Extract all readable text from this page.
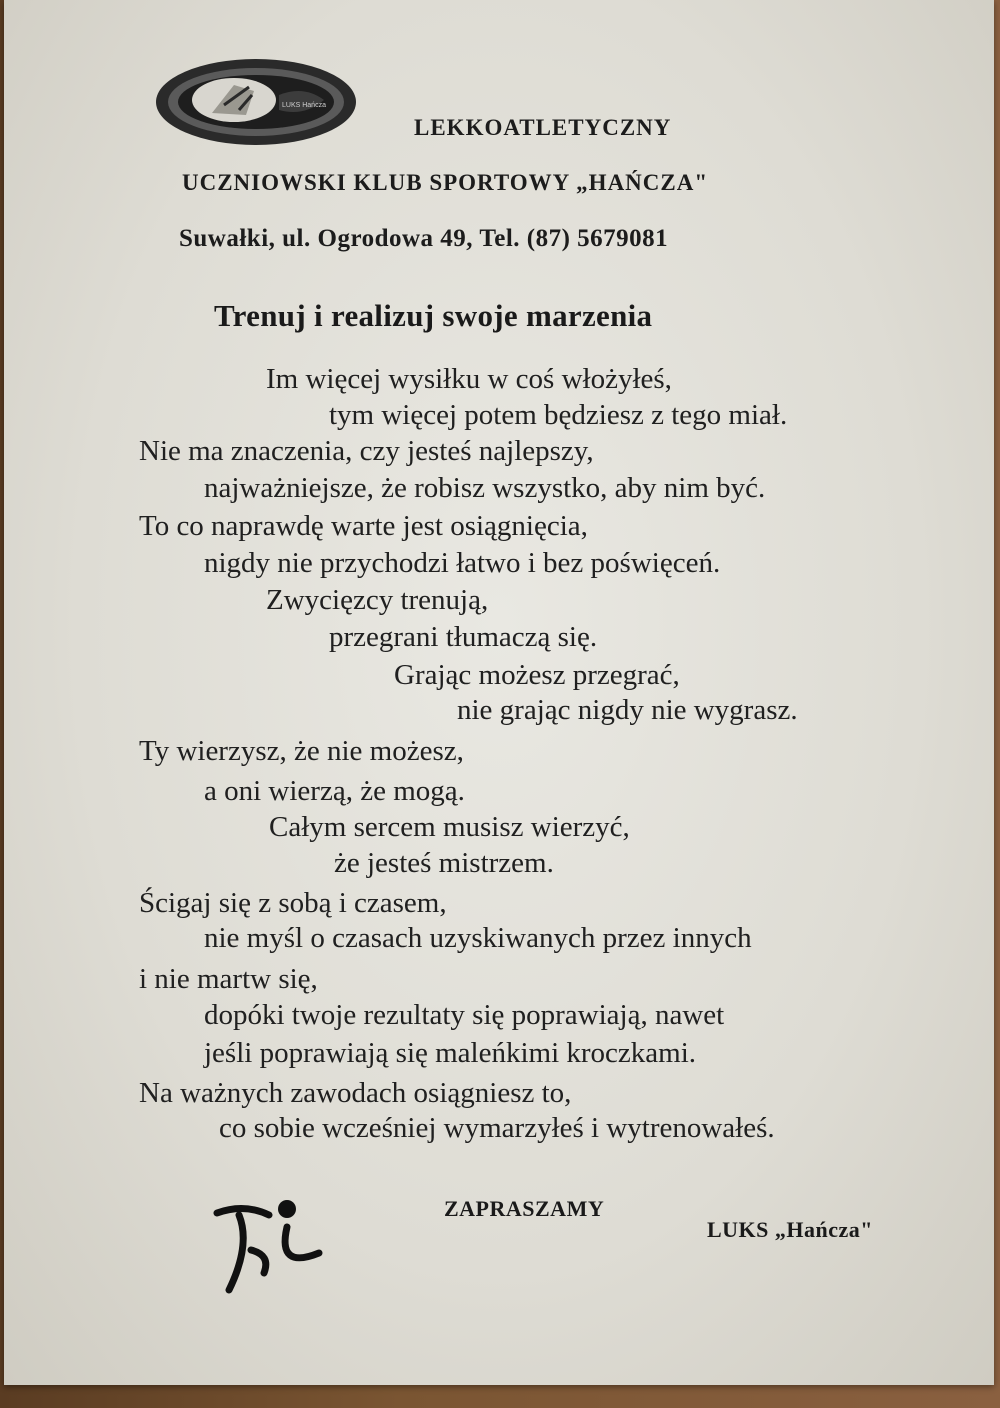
LUKS Hańcza
LEKKOATLETYCZNY
UCZNIOWSKI KLUB SPORTOWY „HAŃCZA"
Suwałki, ul. Ogrodowa 49, Tel. (87) 5679081
Trenuj i realizuj swoje marzenia
Im więcej wysiłku w coś włożyłeś,
tym więcej potem będziesz z tego miał.
Nie ma znaczenia, czy jesteś najlepszy,
najważniejsze, że robisz wszystko, aby nim być.
To co naprawdę warte jest osiągnięcia,
nigdy nie przychodzi łatwo i bez poświęceń.
Zwycięzcy trenują,
przegrani tłumaczą się.
Grając możesz przegrać,
nie grając nigdy nie wygrasz.
Ty wierzysz, że nie możesz,
a oni wierzą, że mogą.
Całym sercem musisz wierzyć,
że jesteś mistrzem.
Ścigaj się z sobą i czasem,
nie myśl o czasach uzyskiwanych przez innych
i nie martw się,
dopóki twoje rezultaty się poprawiają, nawet
jeśli poprawiają się maleńkimi kroczkami.
Na ważnych zawodach osiągniesz to,
co sobie wcześniej wymarzyłeś i wytrenowałeś.
ZAPRASZAMY
LUKS „Hańcza"
